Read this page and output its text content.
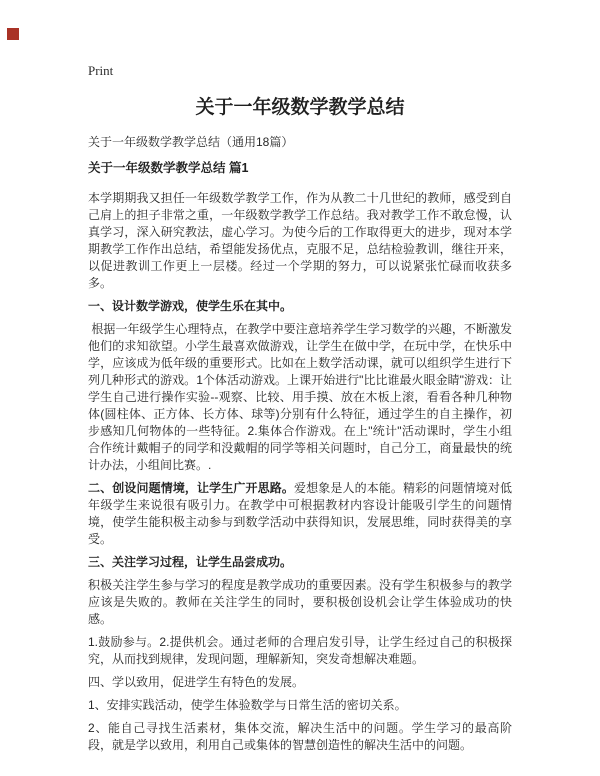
Print
关于一年级数学教学总结
关于一年级数学教学总结（通用18篇）
关于一年级数学教学总结 篇1
本学期期我又担任一年级数学教学工作，作为从教二十几世纪的教师，感受到自己肩上的担子非常之重，一年级数学教学工作总结。我对教学工作不敢怠慢，认真学习，深入研究教法，虚心学习。为使今后的工作取得更大的进步，现对本学期教学工作作出总结，希望能发扬优点，克服不足，总结检验教训，继往开来，以促进教训工作更上一层楼。经过一个学期的努力，可以说紧张忙碌而收获多多。
一、设计数学游戏，使学生乐在其中。
根据一年级学生心理特点，在教学中要注意培养学生学习数学的兴趣，不断激发他们的求知欲望。小学生最喜欢做游戏，让学生在做中学，在玩中学，在快乐中学，应该成为低年级的重要形式。比如在上数学活动课，就可以组织学生进行下列几种形式的游戏。1个体活动游戏。上课开始进行"比比谁最火眼金睛"游戏：让学生自己进行操作实验--观察、比较、用手摸、放在木板上滚，看看各种几种物体(圆柱体、正方体、长方体、球等)分别有什么特征，通过学生的自主操作，初步感知几何物体的一些特征。2.集体合作游戏。在上"统计"活动课时，学生小组合作统计戴帽子的同学和没戴帽的同学等相关问题时，自己分工，商量最快的统计办法，小组间比赛。.
二、创设问题情境，让学生广开思路。爱想象是人的本能。精彩的问题情境对低年级学生来说很有吸引力。在教学中可根据教材内容设计能吸引学生的问题情境，使学生能积极主动参与到数学活动中获得知识，发展思维，同时获得美的享受。
三、关注学习过程，让学生品尝成功。
积极关注学生参与学习的程度是教学成功的重要因素。没有学生积极参与的教学应该是失败的。教师在关注学生的同时，要积极创设机会让学生体验成功的快感。
1.鼓励参与。2.提供机会。通过老师的合理启发引导，让学生经过自己的积极探究，从而找到规律，发现问题，理解新知，突发奇想解决难题。
四、学以致用，促进学生有特色的发展。
1、安排实践活动，使学生体验数学与日常生活的密切关系。
2、能自己寻找生活素材，集体交流，解决生活中的问题。学生学习的最高阶段，就是学以致用，利用自己或集体的智慧创造性的解决生活中的问题。
